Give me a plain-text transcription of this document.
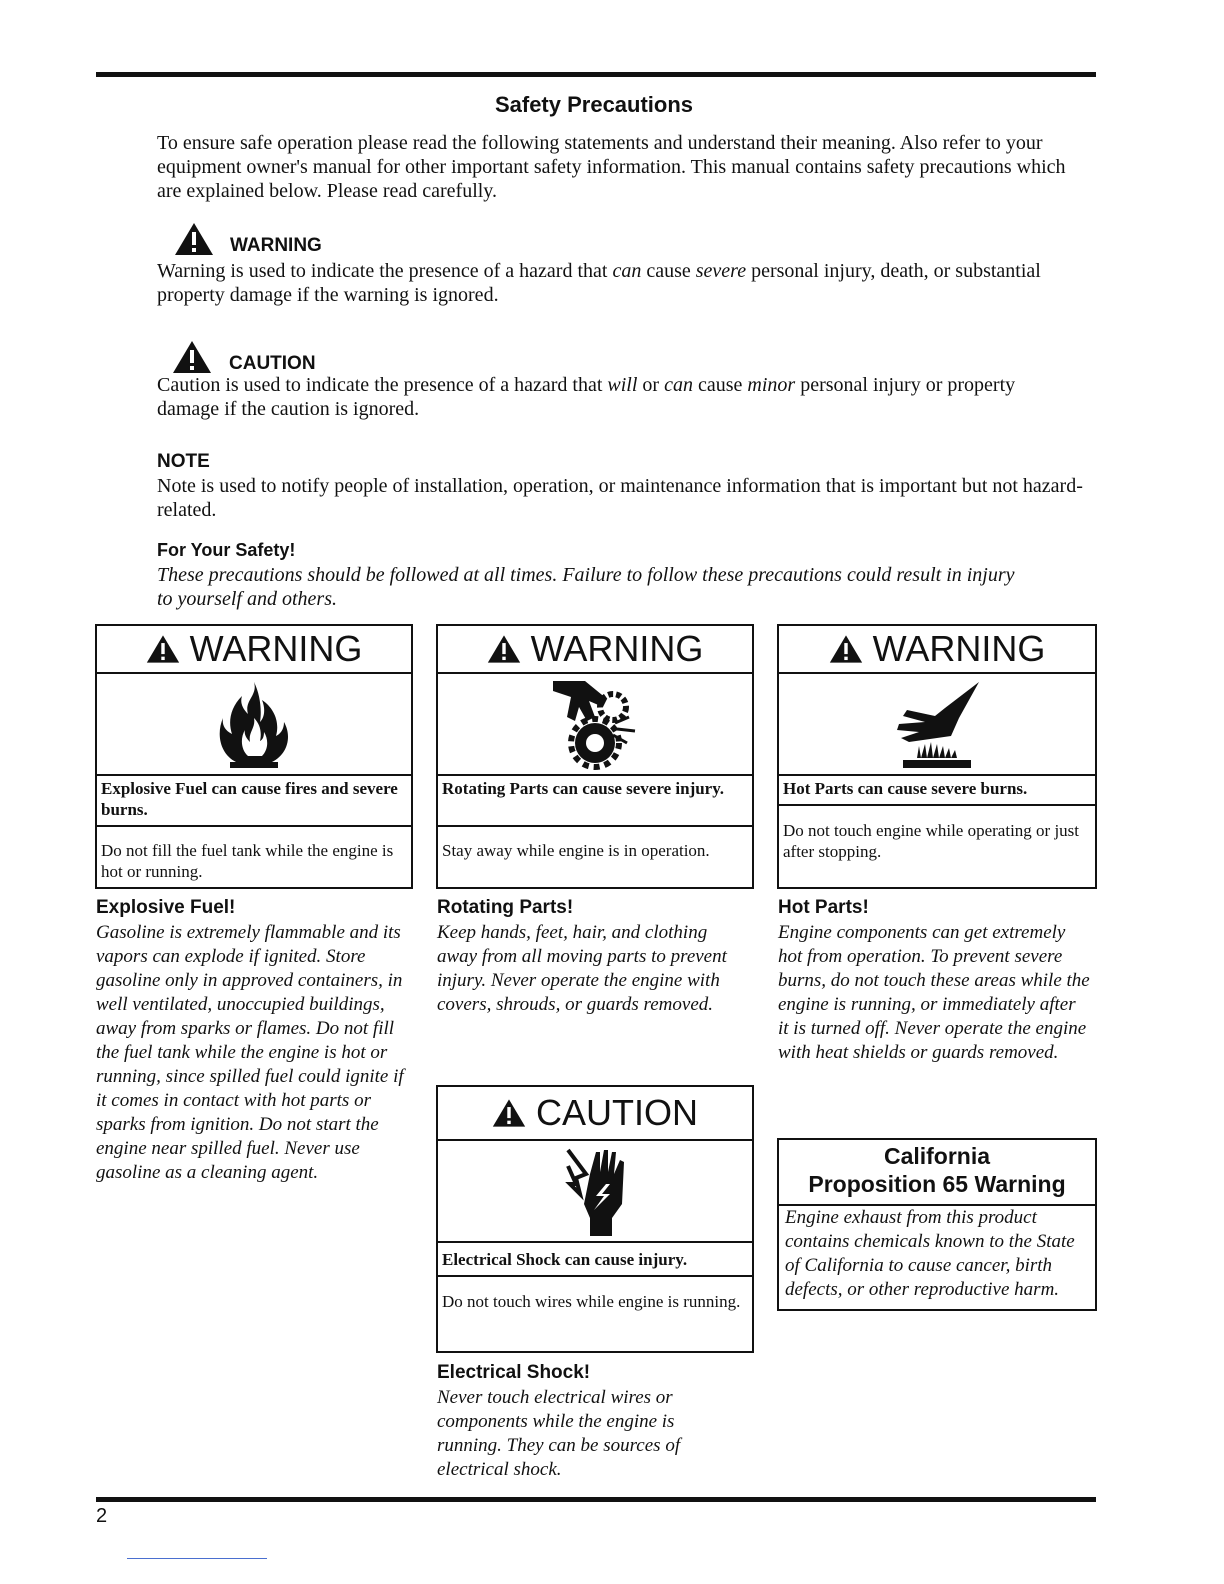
Safety Precautions
To ensure safe operation please read the following statements and understand their meaning. Also refer to your equipment owner's manual for other important safety information. This manual contains safety precautions which are explained below. Please read carefully.
WARNING
Warning is used to indicate the presence of a hazard that can cause severe personal injury, death, or substantial property damage if the warning is ignored.
CAUTION
Caution is used to indicate the presence of a hazard that will or can cause minor personal injury or property damage if the caution is ignored.
NOTE
Note is used to notify people of installation, operation, or maintenance information that is important but not hazard-related.
For Your Safety!
These precautions should be followed at all times. Failure to follow these precautions could result in injury to yourself and others.
WARNING
Explosive Fuel can cause fires and severe burns.
Do not fill the fuel tank while the engine is hot or running.
WARNING
Rotating Parts can cause severe injury.
Stay away while engine is in operation.
WARNING
Hot Parts can cause severe burns.
Do not touch engine while operating or just after stopping.
Explosive Fuel!
Gasoline is extremely flammable and its vapors can explode if ignited. Store gasoline only in approved containers, in well ventilated, unoccupied buildings, away from sparks or flames. Do not fill the fuel tank while the engine is hot or running, since spilled fuel could ignite if it comes in contact with hot parts or sparks from ignition. Do not start the engine near spilled fuel. Never use gasoline as a cleaning agent.
Rotating Parts!
Keep hands, feet, hair, and clothing away from all moving parts to prevent injury. Never operate the engine with covers, shrouds, or guards removed.
Hot Parts!
Engine components can get extremely hot from operation. To prevent severe burns, do not touch these areas while the engine is running, or immediately after it is turned off. Never operate the engine with heat shields or guards removed.
CAUTION
Electrical Shock can cause injury.
Do not touch wires while engine is running.
Electrical Shock!
Never touch electrical wires or components while the engine is running. They can be sources of electrical shock.
California
Proposition 65 Warning
Engine exhaust from this product contains chemicals known to the State of California to cause cancer, birth defects, or other reproductive harm.
2
